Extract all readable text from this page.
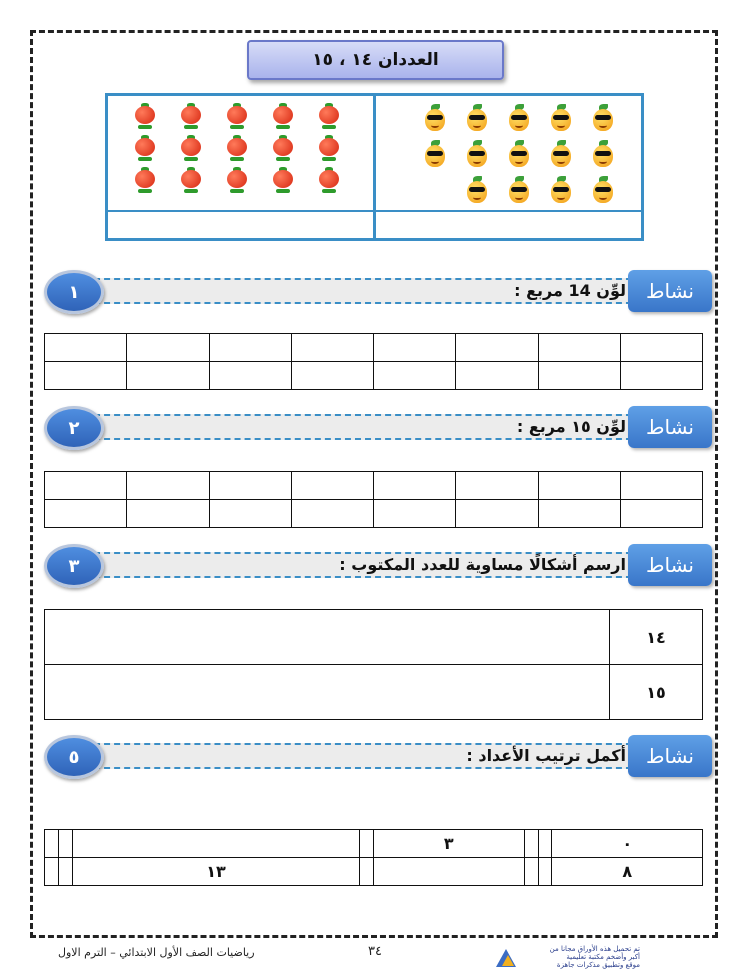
العددان ١٤ ، ١٥
لوِّن 14 مربع :	نشاط
١

لوِّن ١٥ مربع :	نشاط
٢

ارسم أشكالًا مساوية للعدد المكتوب :	نشاط
٣
	١٤
	١٥
أكمل ترتيب الأعداد :	نشاط
٥
٠			٣				
٨					١٣		
رياضيات الصف الأول الابتدائي – الترم الاول	٣٤	تم تحميل هذه الأوراق مجانا من
أكبر وأضخم مكتبة تعليمية
موقع وتطبيق مذكرات جاهزة
